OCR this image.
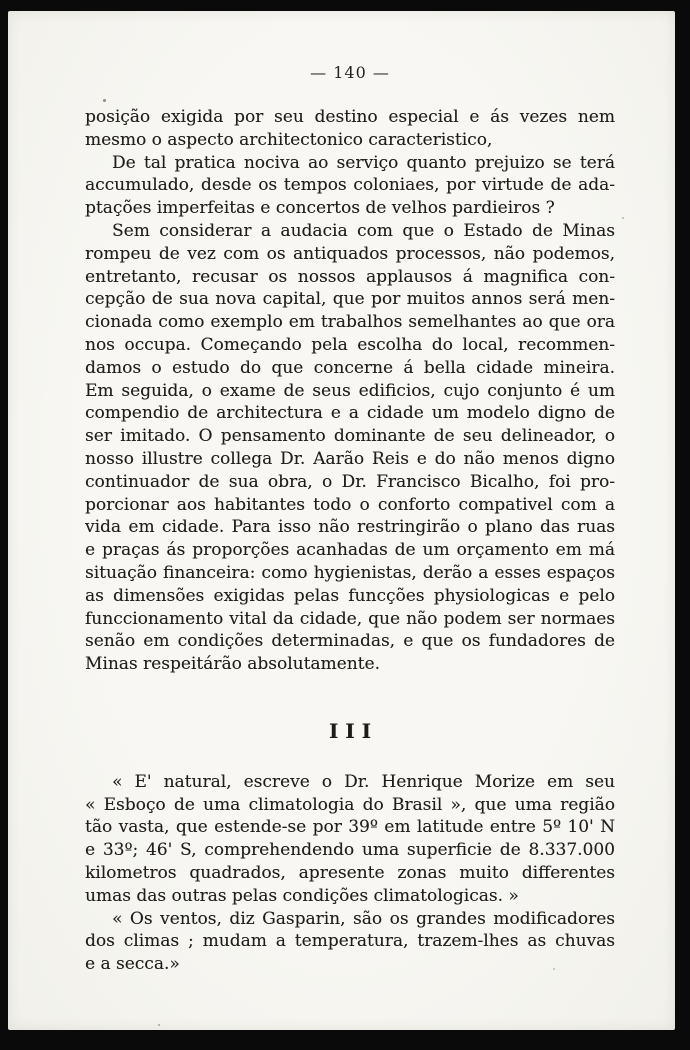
— 140 —
posição exigida por seu destino especial e ás vezes nem
mesmo o aspecto architectonico caracteristico,
De tal pratica nociva ao serviço quanto prejuizo se terá
accumulado, desde os tempos coloniaes, por virtude de ada-
ptações imperfeitas e concertos de velhos pardieiros ?
Sem considerar a audacia com que o Estado de Minas
rompeu de vez com os antiquados processos, não podemos,
entretanto, recusar os nossos applausos á magnifica con-
cepção de sua nova capital, que por muitos annos será men-
cionada como exemplo em trabalhos semelhantes ao que ora
nos occupa. Começando pela escolha do local, recommen-
damos o estudo do que concerne á bella cidade mineira.
Em seguida, o exame de seus edificios, cujo conjunto é um
compendio de architectura e a cidade um modelo digno de
ser imitado. O pensamento dominante de seu delineador, o
nosso illustre collega Dr. Aarão Reis e do não menos digno
continuador de sua obra, o Dr. Francisco Bicalho, foi pro-
porcionar aos habitantes todo o conforto compativel com a
vida em cidade. Para isso não restringirão o plano das ruas
e praças ás proporções acanhadas de um orçamento em má
situação financeira: como hygienistas, derão a esses espaços
as dimensões exigidas pelas funcções physiologicas e pelo
funccionamento vital da cidade, que não podem ser normaes
senão em condições determinadas, e que os fundadores de
Minas respeitárão absolutamente.
III
« E' natural, escreve o Dr. Henrique Morize em seu
« Esboço de uma climatologia do Brasil », que uma região
tão vasta, que estende-se por 39º em latitude entre 5º 10' N
e 33º; 46' S, comprehendendo uma superficie de 8.337.000
kilometros quadrados, apresente zonas muito differentes
umas das outras pelas condições climatologicas. »
« Os ventos, diz Gasparin, são os grandes modificadores
dos climas ; mudam a temperatura, trazem-lhes as chuvas
e a secca.»
